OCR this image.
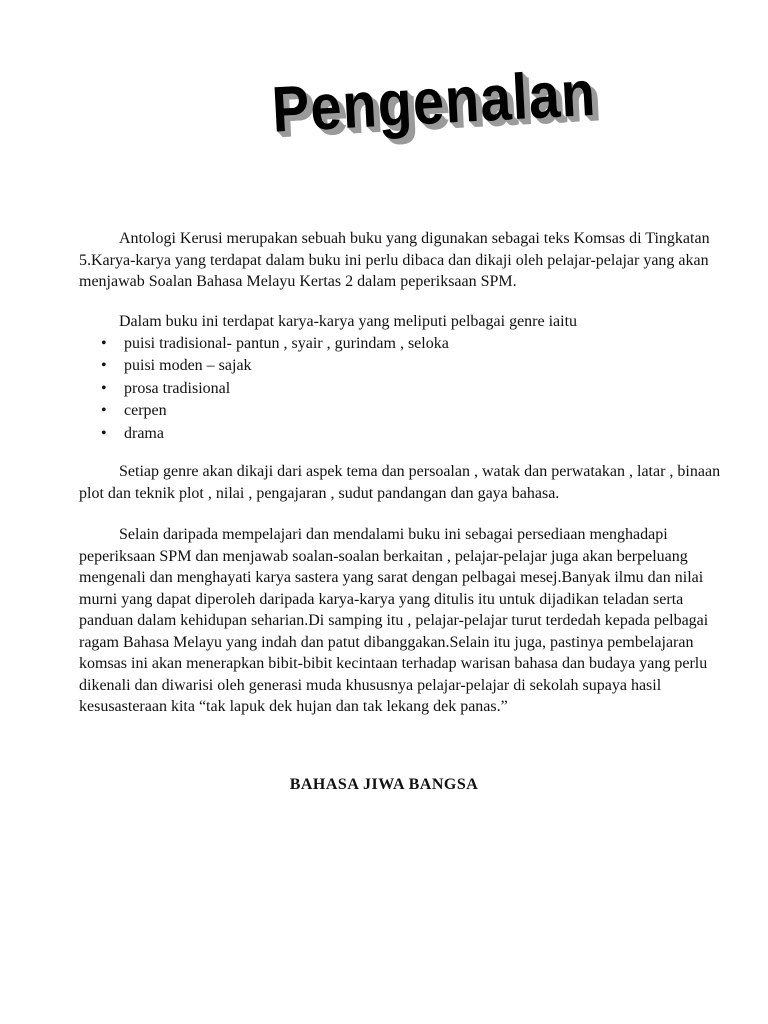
Pengenalan

Antologi Kerusi merupakan sebuah buku yang digunakan sebagai teks Komsas di Tingkatan 5.Karya-karya yang terdapat dalam buku ini perlu dibaca dan dikaji oleh pelajar-pelajar yang akan menjawab Soalan Bahasa Melayu Kertas 2 dalam peperiksaan SPM.

Dalam buku ini terdapat karya-karya yang meliputi pelbagai genre iaitu

• puisi tradisional- pantun , syair , gurindam , seloka
• puisi moden – sajak
• prosa tradisional
• cerpen
• drama

Setiap genre akan dikaji dari aspek tema dan persoalan , watak dan perwatakan , latar , binaan plot dan teknik plot , nilai , pengajaran , sudut pandangan dan gaya bahasa.

Selain daripada mempelajari dan mendalami buku ini sebagai persediaan menghadapi peperiksaan SPM dan menjawab soalan-soalan berkaitan , pelajar-pelajar juga akan berpeluang mengenali dan menghayati karya sastera yang sarat dengan pelbagai mesej.Banyak ilmu dan nilai murni yang dapat diperoleh daripada karya-karya yang ditulis itu untuk dijadikan teladan serta panduan dalam kehidupan seharian.Di samping itu , pelajar-pelajar turut terdedah kepada pelbagai ragam Bahasa Melayu yang indah dan patut dibanggakan.Selain itu juga, pastinya pembelajaran komsas ini akan menerapkan bibit-bibit kecintaan terhadap warisan bahasa dan budaya yang perlu dikenali dan diwarisi oleh generasi muda khususnya pelajar-pelajar di sekolah supaya hasil kesusasteraan kita “tak lapuk dek hujan dan tak lekang dek panas.”

BAHASA JIWA BANGSA
